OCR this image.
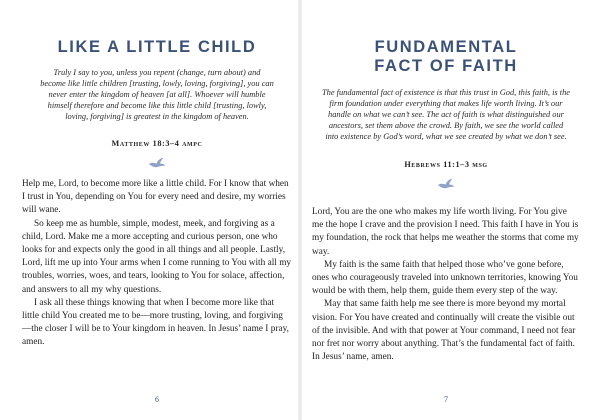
LIKE A LITTLE CHILD
Truly I say to you, unless you repent (change, turn about) and become like little children [trusting, lowly, loving, forgiving], you can never enter the kingdom of heaven [at all]. Whoever will humble himself therefore and become like this little child [trusting, lowly, loving, forgiving] is greatest in the kingdom of heaven.
Matthew 18:3–4 ampc

Help me, Lord, to become more like a little child. For I know that when I trust in You, depending on You for every need and desire, my worries will wane.

So keep me as humble, simple, modest, meek, and forgiving as a child, Lord. Make me a more accepting and curious person, one who looks for and expects only the good in all things and all people. Lastly, Lord, lift me up into Your arms when I come running to You with all my troubles, worries, woes, and tears, looking to You for solace, affection, and answers to all my why questions.

I ask all these things knowing that when I become more like that little child You created me to be—more trusting, loving, and forgiving—the closer I will be to Your kingdom in heaven. In Jesus’ name I pray, amen.

6
FUNDAMENTAL
FACT OF FAITH
The fundamental fact of existence is that this trust in God, this faith, is the firm foundation under everything that makes life worth living. It’s our handle on what we can’t see. The act of faith is what distinguished our ancestors, set them above the crowd. By faith, we see the world called into existence by God’s word, what we see created by what we don’t see.
Hebrews 11:1–3 msg

Lord, You are the one who makes my life worth living. For You give me the hope I crave and the provision I need. This faith I have in You is my foundation, the rock that helps me weather the storms that come my way.

My faith is the same faith that helped those who’ve gone before, ones who courageously traveled into unknown territories, knowing You would be with them, help them, guide them every step of the way.

May that same faith help me see there is more beyond my mortal vision. For You have created and continually will create the visible out of the invisible. And with that power at Your command, I need not fear nor fret nor worry about anything. That’s the fundamental fact of faith. In Jesus’ name, amen.

7
